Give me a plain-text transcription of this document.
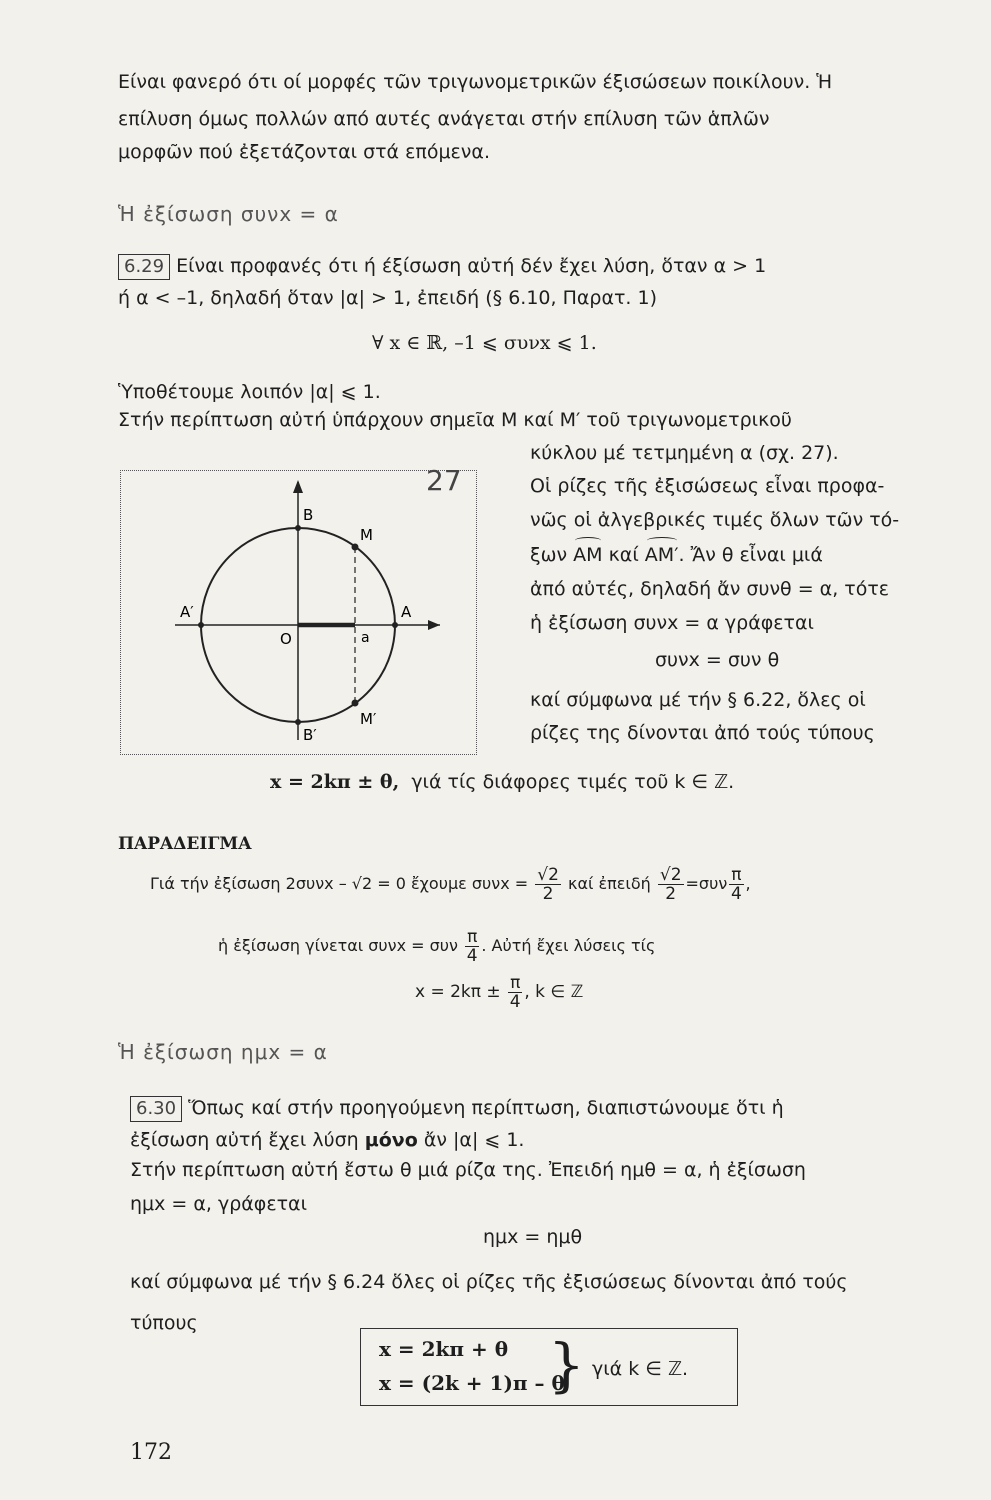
Είναι φανερό ότι οί μορφές τῶν τριγωνομετρικῶν έξισώσεων ποικίλουν. Ἡ
επίλυση όμως πολλών από αυτές ανάγεται στήν επίλυση τῶν ἁπλῶν
μορφῶν πού ἐξετάζονται στά επόμενα.
Ἡ ἐξίσωση συνx = α
6.29 Είναι προφανές ότι ή έξίσωση αὐτή δέν ἔχει λύση, ὅταν α > 1
ή α < –1, δηλαδή ὅταν |α| > 1, ἐπειδή (§ 6.10, Παρατ. 1)
∀ x ∈ ℝ, –1 ⩽ συνx ⩽ 1.
Ὑποθέτουμε λοιπόν |α| ⩽ 1.
Στήν περίπτωση αὐτή ὑπάρχουν σημεῖα Μ καί Μ′ τοῦ τριγωνομετρικοῦ
κύκλου μέ τετμημένη α (σχ. 27).
Οἱ ρίζες τῆς ἐξισώσεως εἶναι προφα-
νῶς οἱ ἀλγεβρικές τιμές ὅλων τῶν τό-
ξων
AM καί
AM′. Ἄν θ εἶναι μιά
ἀπό αὐτές, δηλαδή ἄν συνθ = α, τότε
ἡ ἐξίσωση συνx = α γράφεται
συνx = συν θ
καί σύμφωνα μέ τήν § 6.22, ὅλες οἱ
ρίζες της δίνονται ἀπό τούς τύπους
x = 2kπ ± θ, γιά τίς διάφορες τιμές τοῦ k ∈ ℤ.
27
B
M
A′	A
O	a
M′
B′
ΠΑΡΑΔΕΙΓΜΑ
Γιά τήν ἐξίσωση 2συνx – √2 = 0 ἔχουμε $\sigma\upsilon\nu x = \frac{√2}{2}$ καί ἐπειδή $\frac{√2}{2} =\sigma\upsilon\nu \frac{\pi}{4}$ ,
ἡ ἐξίσωση γίνεται συνx = συν $\frac{\pi}{4}$ . Αὐτή ἔχει λύσεις τίς
$x = 2k\pi \pm \frac{\pi}{4}$ , k ∈ ℤ
Ἡ ἐξίσωση ημx = α
6.30 Ὅπως καί στήν προηγούμενη περίπτωση, διαπιστώνουμε ὅτι ἡ
ἐξίσωση αὐτή ἔχει λύση μόνο ἄν |α| ⩽ 1.
Στήν περίπτωση αὐτή ἔστω θ μιά ρίζα της. Ἐπειδή ημθ = α, ἡ ἐξίσωση
ημx = α, γράφεται
ημx = ημθ
καί σύμφωνα μέ τήν § 6.24 ὅλες οἱ ρίζες τῆς ἐξισώσεως δίνονται ἀπό τούς
τύπους
x = 2kπ + θ
x = (2k + 1)π – θ
} γιά k ∈ ℤ.
172
